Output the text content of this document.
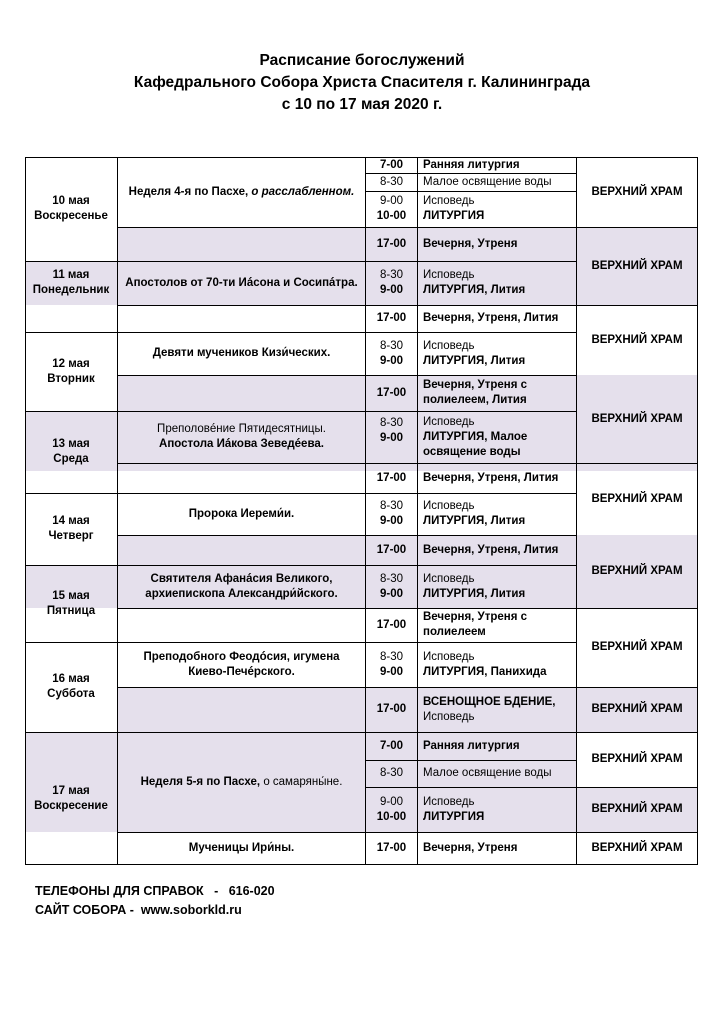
Расписание богослужений
Кафедрального Собора Христа Спасителя г. Калининграда
с 10 по 17 мая 2020 г.
10 мая
Воскресенье
11 мая
Понедельник
12 мая
Вторник
13 мая
Среда
14 мая
Четверг
15 мая
Пятница
16 мая
Суббота
17 мая
Воскресение
Неделя 4-я по Пасхе, о расслабленном.
Апостолов от 70-ти Иáсона и Сосипáтра.
Девяти мучеников Кизи́ческих.
Преполовéние Пятидесятницы.
Апостола Иáкова Зеведéева.
Пророка Иереми́и.
Святителя Афанáсия Великого,
архиепископа Александри́йского.
Преподобного Феодóсия, игумена
Киево-Печéрского.
Неделя 5-я по Пасхе, о самаряны́не.
Мученицы Ири́ны.
7-00
8-30
9-00
10-00
17-00
8-30
9-00
17-00
8-30
9-00
17-00
8-30
9-00
17-00
8-30
9-00
17-00
8-30
9-00
17-00
8-30
9-00
17-00
7-00
8-30
9-00
10-00
17-00
Ранняя литургия
Малое освящение воды
Исповедь
ЛИТУРГИЯ
Вечерня, Утреня
Исповедь
ЛИТУРГИЯ, Лития
Вечерня, Утреня, Лития
Исповедь
ЛИТУРГИЯ, Лития
Вечерня, Утреня с
полиелеем, Лития
Исповедь
ЛИТУРГИЯ, Малое
освящение воды
Вечерня, Утреня, Лития
Исповедь
ЛИТУРГИЯ, Лития
Вечерня, Утреня, Лития
Исповедь
ЛИТУРГИЯ, Лития
Вечерня, Утреня с
полиелеем
Исповедь
ЛИТУРГИЯ, Панихида
ВСЕНОЩНОЕ БДЕНИЕ,
Исповедь
Ранняя литургия
Малое освящение воды
Исповедь
ЛИТУРГИЯ
Вечерня, Утреня
ВЕРХНИЙ ХРАМ
ВЕРХНИЙ ХРАМ
ВЕРХНИЙ ХРАМ
ВЕРХНИЙ ХРАМ
ВЕРХНИЙ ХРАМ
ВЕРХНИЙ ХРАМ
ВЕРХНИЙ ХРАМ
ВЕРХНИЙ ХРАМ
ВЕРХНИЙ ХРАМ
ВЕРХНИЙ ХРАМ
ВЕРХНИЙ ХРАМ
ТЕЛЕФОНЫ ДЛЯ СПРАВОК   -   616-020
САЙТ СОБОРА -  www.soborkld.ru
